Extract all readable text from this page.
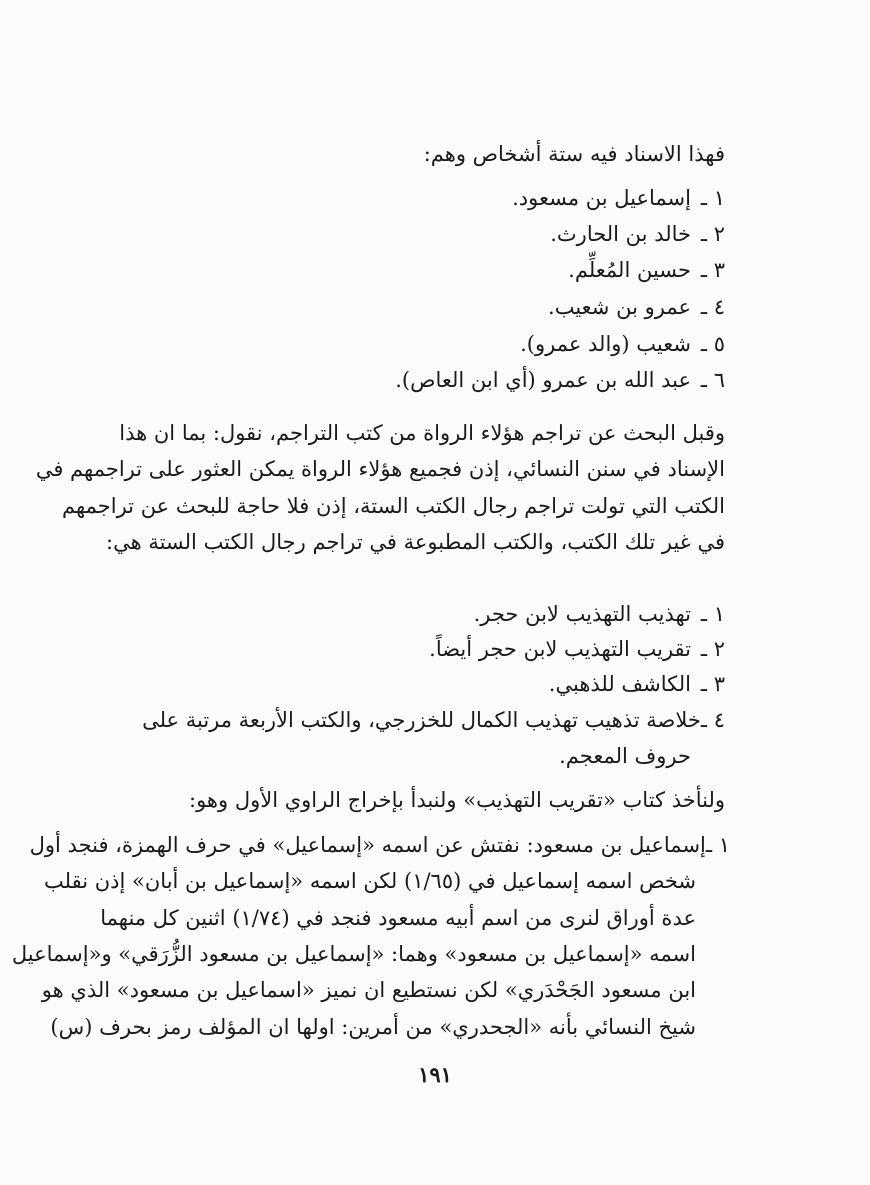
فهذا الاسناد فيه ستة أشخاص وهم:
١ ـإسماعيل بن مسعود.
٢ ـخالد بن الحارث.
٣ ـحسين المُعلِّم.
٤ ـعمرو بن شعيب.
٥ ـشعيب (والد عمرو).
٦ ـعبد الله بن عمرو (أي ابن العاص).
وقبل البحث عن تراجم هؤلاء الرواة من كتب التراجم، نقول: بما ان هذا
الإسناد في سنن النسائي، إذن فجميع هؤلاء الرواة يمكن العثور على تراجمهم في
الكتب التي تولت تراجم رجال الكتب الستة، إذن فلا حاجة للبحث عن تراجمهم
في غير تلك الكتب، والكتب المطبوعة في تراجم رجال الكتب الستة هي:
١ ـتهذيب التهذيب لابن حجر.
٢ ـتقريب التهذيب لابن حجر أيضاً.
٣ ـالكاشف للذهبي.
٤ ـ
خلاصة تذهيب تهذيب الكمال للخزرجي، والكتب الأربعة مرتبة على
حروف المعجم.
ولنأخذ كتاب «تقريب التهذيب» ولنبدأ بإخراج الراوي الأول وهو:
١ ـ
إسماعيل بن مسعود: نفتش عن اسمه «إسماعيل» في حرف الهمزة، فنجد أول
شخص اسمه إسماعيل في (١/٦٥) لكن اسمه «إسماعيل بن أبان» إذن نقلب
عدة أوراق لنرى من اسم أبيه مسعود فنجد في (١/٧٤) اثنين كل منهما
اسمه «إسماعيل بن مسعود» وهما: «إسماعيل بن مسعود الزُّرَقي» و«إسماعيل
ابن مسعود الجَحْدَري» لكن نستطيع ان نميز «اسماعيل بن مسعود» الذي هو
شيخ النسائي بأنه «الجحدري» من أمرين: اولها ان المؤلف رمز بحرف (س)
١٩١
